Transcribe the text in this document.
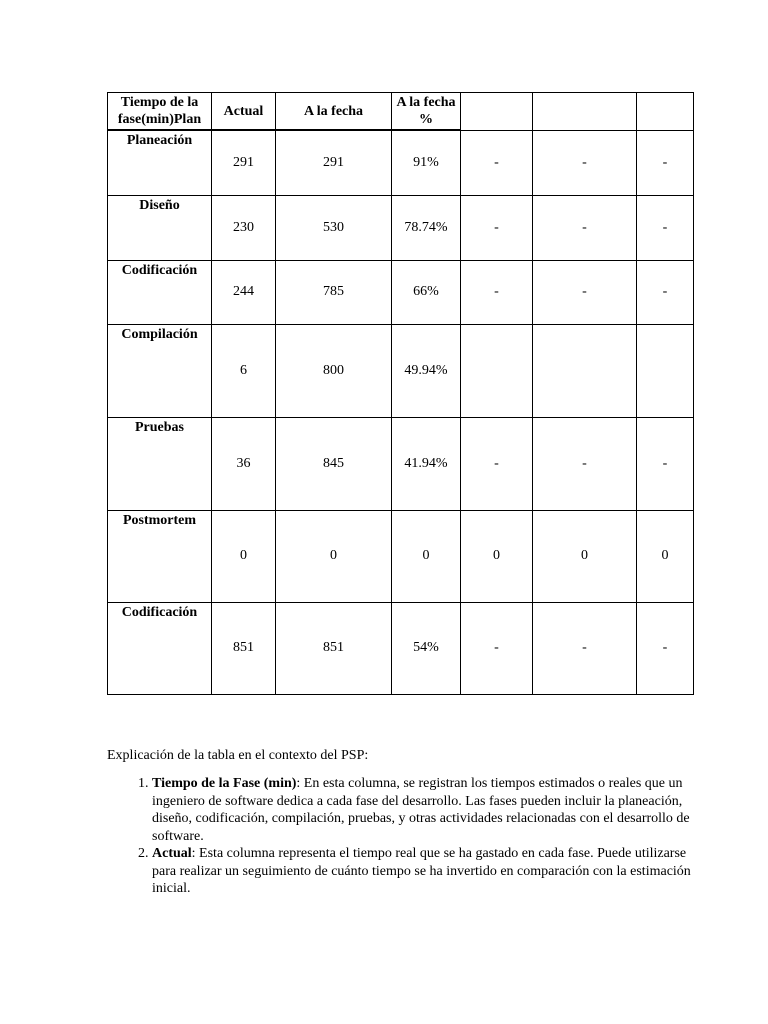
Tiempo de la fase(min)Plan	Actual	A la fecha	A la fecha %			
Planeación	291	291	91%	-	-	-
Diseño	230	530	78.74%	-	-	-
Codificación	244	785	66%	-	-	-
Compilación	6	800	49.94%			
Pruebas	36	845	41.94%	-	-	-
Postmortem	0	0	0	0	0	0
Codificación	851	851	54%	-	-	-

Explicación de la tabla en el contexto del PSP:

1. Tiempo de la Fase (min): En esta columna, se registran los tiempos estimados o reales que un ingeniero de software dedica a cada fase del desarrollo. Las fases pueden incluir la planeación, diseño, codificación, compilación, pruebas, y otras actividades relacionadas con el desarrollo de software.
2. Actual: Esta columna representa el tiempo real que se ha gastado en cada fase. Puede utilizarse para realizar un seguimiento de cuánto tiempo se ha invertido en comparación con la estimación inicial.
